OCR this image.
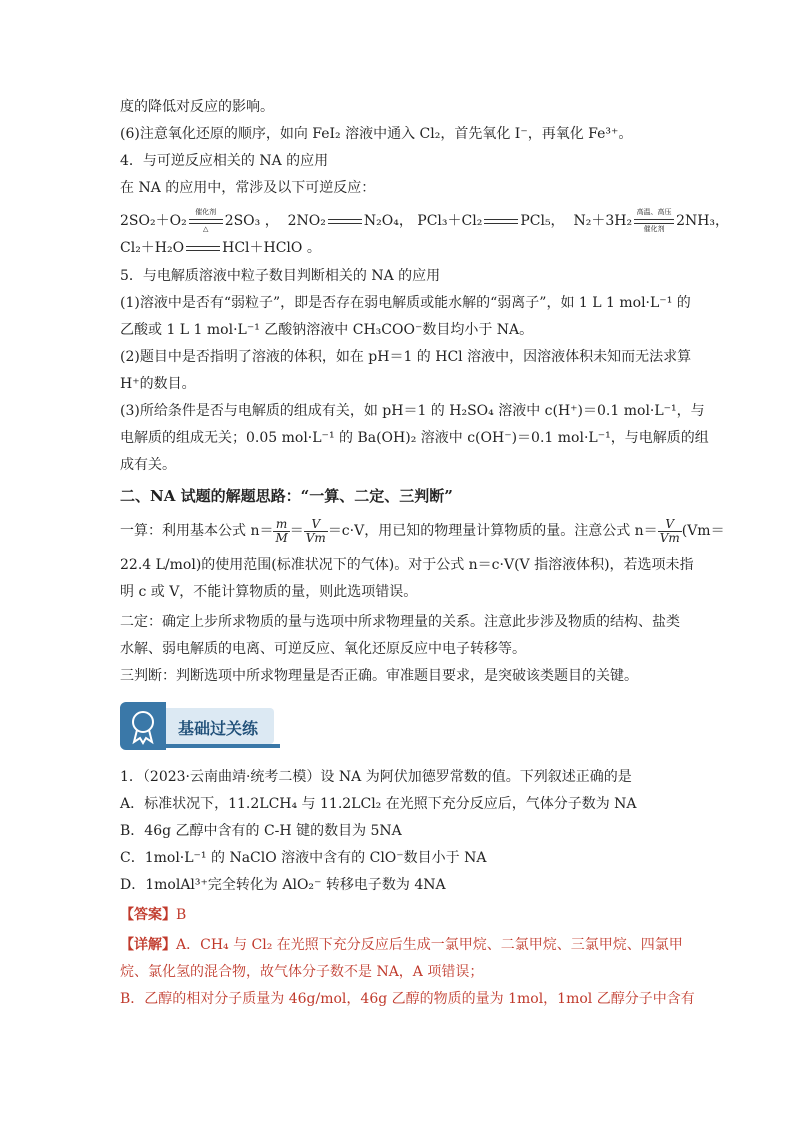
度的降低对反应的影响。
(6)注意氧化还原的顺序，如向 FeI₂ 溶液中通入 Cl₂，首先氧化 I⁻，再氧化 Fe³⁺。
4．与可逆反应相关的 NA 的应用
在 NA 的应用中，常涉及以下可逆反应：
2SO₂＋O₂
催化剂
△	2SO₃ ， 2NO₂	N₂O₄， PCl₃＋Cl₂	PCl₅， N₂＋3H₂
高温、高压
催化剂 2NH₃，
Cl₂＋H₂O	HCl＋HClO 。
5．与电解质溶液中粒子数目判断相关的 NA 的应用
(1)溶液中是否有“弱粒子”，即是否存在弱电解质或能水解的“弱离子”，如 1 L 1 mol·L⁻¹ 的
乙酸或 1 L 1 mol·L⁻¹ 乙酸钠溶液中 CH₃COO⁻数目均小于 NA。
(2)题目中是否指明了溶液的体积，如在 pH＝1 的 HCl 溶液中，因溶液体积未知而无法求算
H⁺的数目。
(3)所给条件是否与电解质的组成有关，如 pH＝1 的 H₂SO₄ 溶液中 c(H⁺)＝0.1 mol·L⁻¹，与
电解质的组成无关；0.05 mol·L⁻¹ 的 Ba(OH)₂ 溶液中 c(OH⁻)＝0.1 mol·L⁻¹，与电解质的组
成有关。
二、NA 试题的解题思路：“一算、二定、三判断”
一算：利用基本公式 $n= \frac{m}{M} = \frac{V}{Vm} =c\cdot V$，用已知的物理量计算物质的量。注意公式 $n= \frac{V}{Vm} (Vm=$
22.4 L/mol)的使用范围(标准状况下的气体)。对于公式 n＝c·V(V 指溶液体积)，若选项未指
明 c 或 V，不能计算物质的量，则此选项错误。
二定：确定上步所求物质的量与选项中所求物理量的关系。注意此步涉及物质的结构、盐类
水解、弱电解质的电离、可逆反应、氧化还原反应中电子转移等。
三判断：判断选项中所求物理量是否正确。审准题目要求，是突破该类题目的关键。
基础过关练
1．（2023·云南曲靖·统考二模）设 NA 为阿伏加德罗常数的值。下列叙述正确的是
A．标准状况下，11.2LCH₄ 与 11.2LCl₂ 在光照下充分反应后，气体分子数为 NA
B．46g 乙醇中含有的 C-H 键的数目为 5NA
C．1mol·L⁻¹ 的 NaClO 溶液中含有的 ClO⁻数目小于 NA
D．1molAl³⁺完全转化为 AlO₂⁻ 转移电子数为 4NA
【答案】B
【详解】A．CH₄ 与 Cl₂ 在光照下充分反应后生成一氯甲烷、二氯甲烷、三氯甲烷、四氯甲
烷、氯化氢的混合物，故气体分子数不是 NA，A 项错误；
B．乙醇的相对分子质量为 46g/mol，46g 乙醇的物质的量为 1mol，1mol 乙醇分子中含有
